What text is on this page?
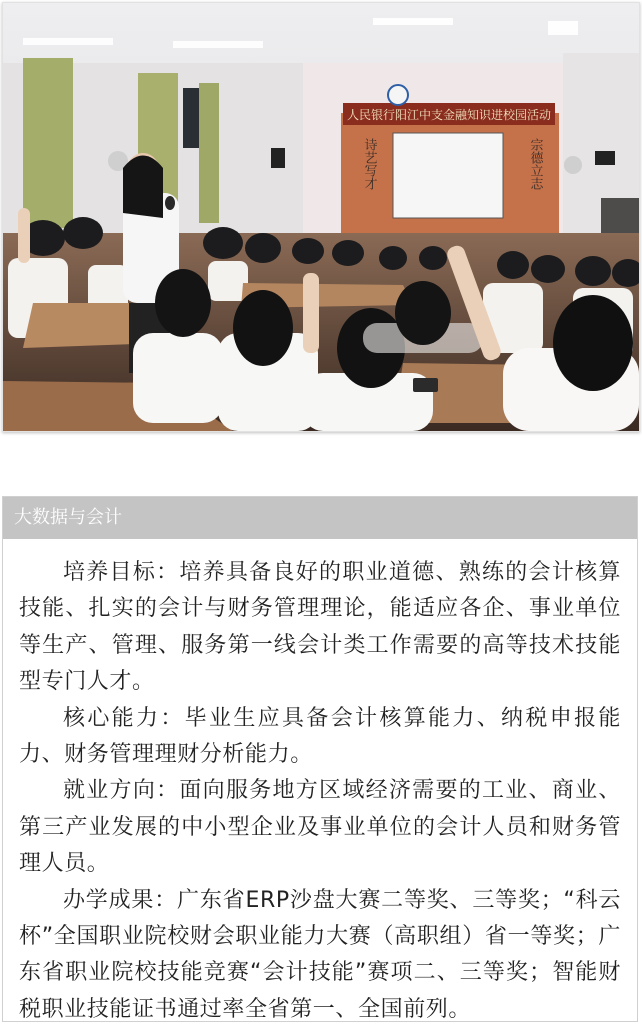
人民银行阳江中支金融知识进校园活动
诗艺写才	宗德立志
大数据与会计

培养目标：培养具备良好的职业道德、熟练的会计核算技能、扎实的会计与财务管理理论，能适应各企、事业单位等生产、管理、服务第一线会计类工作需要的高等技术技能型专门人才。

核心能力：毕业生应具备会计核算能力、纳税申报能力、财务管理理财分析能力。

就业方向：面向服务地方区域经济需要的工业、商业、第三产业发展的中小型企业及事业单位的会计人员和财务管理人员。

办学成果：广东省ERP沙盘大赛二等奖、三等奖；“科云杯”全国职业院校财会职业能力大赛（高职组）省一等奖；广东省职业院校技能竞赛“会计技能”赛项二、三等奖；智能财税职业技能证书通过率全省第一、全国前列。
